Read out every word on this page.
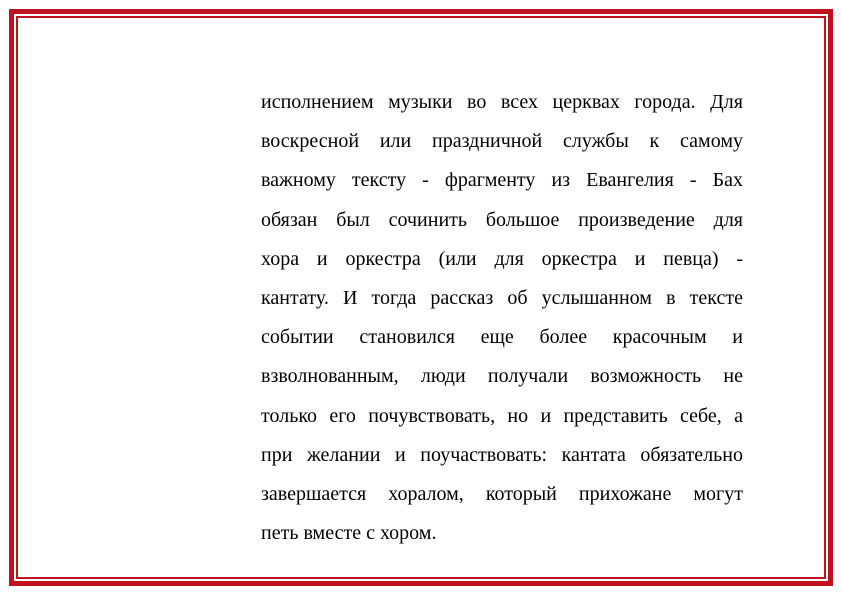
исполнением музыки во всех церквах города. Для
воскресной или праздничной службы к самому
важному тексту - фрагменту из Евангелия - Бах
обязан был сочинить большое произведение для
хора и оркестра (или для оркестра и певца) -
кантату. И тогда рассказ об услышанном в тексте
событии становился еще более красочным и
взволнованным, люди получали возможность не
только его почувствовать, но и представить себе, а
при желании и поучаствовать: кантата обязательно
завершается хоралом, который прихожане могут
петь вместе с хором.
